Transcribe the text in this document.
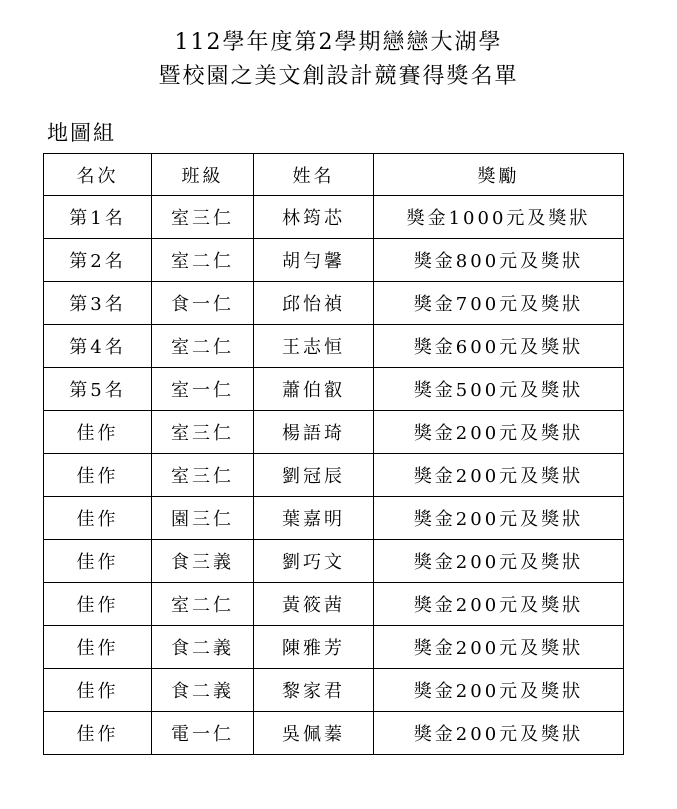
112學年度第2學期戀戀大湖學
暨校園之美文創設計競賽得獎名單
地圖組
名次	班級	姓名	獎勵
第1名	室三仁	林筠芯	獎金1000元及獎狀
第2名	室二仁	胡勻馨	獎金800元及獎狀
第3名	食一仁	邱怡禎	獎金700元及獎狀
第4名	室二仁	王志恒	獎金600元及獎狀
第5名	室一仁	蕭伯叡	獎金500元及獎狀
佳作	室三仁	楊語琦	獎金200元及獎狀
佳作	室三仁	劉冠辰	獎金200元及獎狀
佳作	園三仁	葉嘉明	獎金200元及獎狀
佳作	食三義	劉巧文	獎金200元及獎狀
佳作	室二仁	黃筱茜	獎金200元及獎狀
佳作	食二義	陳雅芳	獎金200元及獎狀
佳作	食二義	黎家君	獎金200元及獎狀
佳作	電一仁	吳佩蓁	獎金200元及獎狀
